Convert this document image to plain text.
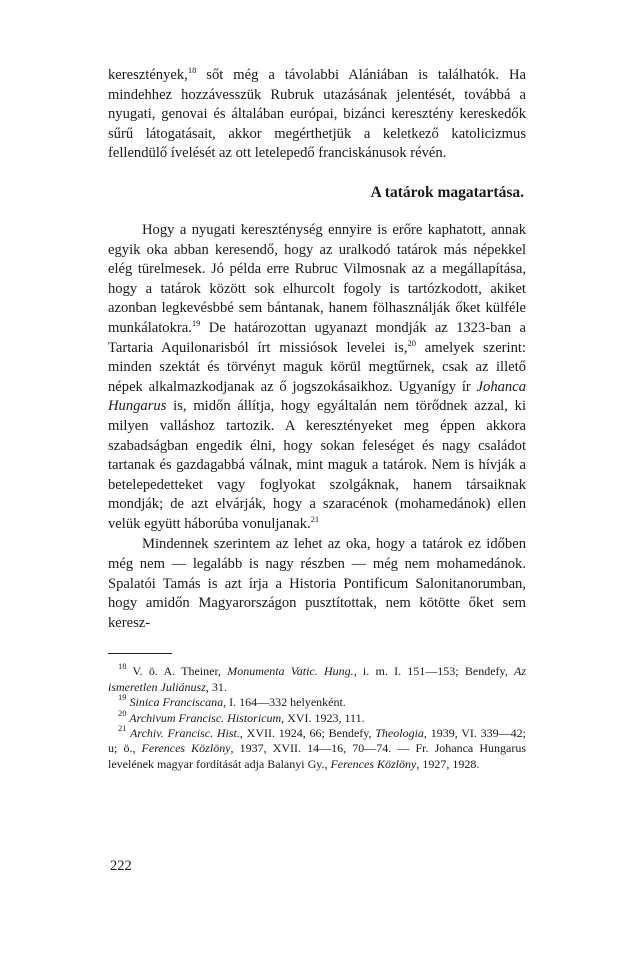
keresztények,$^{18}$ sőt még a távolabbi Alániában is találhatók. Ha mindehhez hozzávesszük Rubruk utazásának jelentését, továbbá a nyugati, genovai és általában európai, bizánci keresztény kereskedők sűrű látogatásait, akkor megérthetjük a keletkező katolicizmus fellendülő ívelését az ott letelepedő franciskánusok révén.

A tatárok magatartása.

Hogy a nyugati kereszténység ennyire is erőre kaphatott, annak egyik oka abban keresendő, hogy az uralkodó tatárok más népekkel elég türelmesek. Jó példa erre Rubruc Vilmosnak az a megállapítása, hogy a tatárok között sok elhurcolt fogoly is tartózkodott, akiket azonban legkevésbbé sem bántanak, hanem fölhasználják őket külféle munkálatokra.$^{19}$ De határozottan ugyanazt mondják az 1323-ban a Tartaria Aquilonarisból írt missiósok levelei is,$^{20}$ amelyek szerint: minden szektát és törvényt maguk körül megtűrnek, csak az illető népek alkalmazkodjanak az ő jogszokásaikhoz. Ugyanígy ír Johanca Hungarus is, midőn állítja, hogy egyáltalán nem törődnek azzal, ki milyen valláshoz tartozik. A keresztényeket meg éppen akkora szabadságban engedik élni, hogy sokan feleséget és nagy családot tartanak és gazdagabbá válnak, mint maguk a tatárok. Nem is hívják a betelepedetteket vagy foglyokat szolgáknak, hanem társaiknak mondják; de azt elvárják, hogy a szaracénok (mohamedánok) ellen velük együtt háborúba vonuljanak.$^{21}$

Mindennek szerintem az lehet az oka, hogy a tatárok ez időben még nem — legalább is nagy részben — még nem mohamedánok. Spalatói Tamás is azt írja a Historia Pontificum Salonitanorumban, hogy amidőn Magyarországon pusztítottak, nem kötötte őket sem keresz-

$^{18}$ V. ö. A. Theiner, Monumenta Vatic. Hung., i. m. I. 151—153; Bendefy, Az ismeretlen Juliánusz, 31.

$^{19}$ Sinica Franciscana, I. 164—332 helyenként.

$^{20}$ Archivum Francisc. Historicum, XVI. 1923, 111.

$^{21}$ Archiv. Francisc. Hist., XVII. 1924, 66; Bendefy, Theologia, 1939, VI. 339—42; u; ö., Ferences Közlöny, 1937, XVII. 14—16, 70—74. — Fr. Johanca Hungarus levelének magyar fordítását adja Balanyi Gy., Ferences Közlöny, 1927, 1928.

222
